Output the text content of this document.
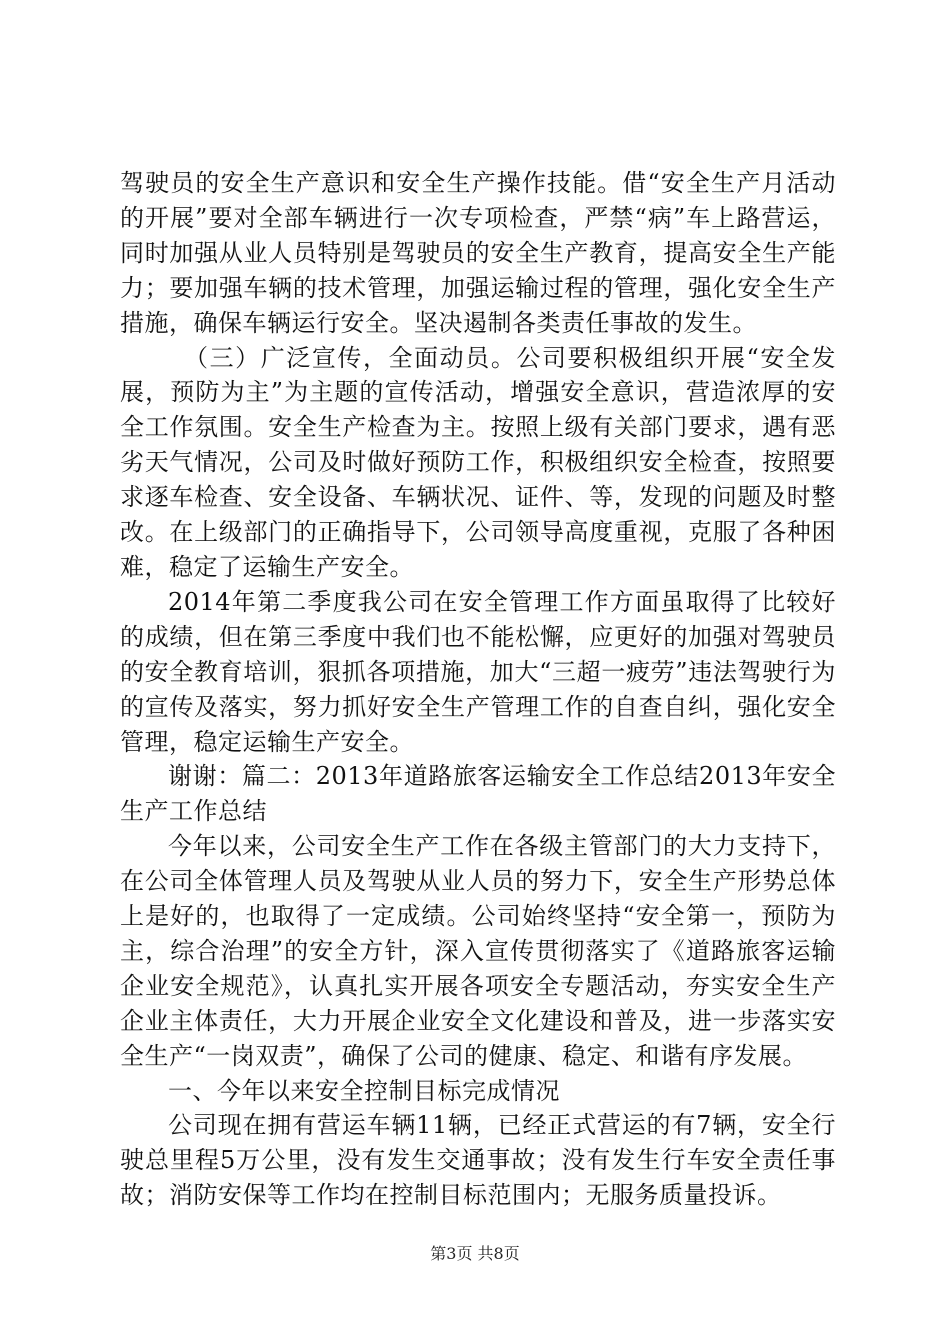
驾驶员的安全生产意识和安全生产操作技能。借“安全生产月活动的开展”要对全部车辆进行一次专项检查，严禁“病”车上路营运，同时加强从业人员特别是驾驶员的安全生产教育，提高安全生产能力；要加强车辆的技术管理，加强运输过程的管理，强化安全生产措施，确保车辆运行安全。坚决遏制各类责任事故的发生。

（三）广泛宣传，全面动员。公司要积极组织开展“安全发展，预防为主”为主题的宣传活动，增强安全意识，营造浓厚的安全工作氛围。安全生产检查为主。按照上级有关部门要求，遇有恶劣天气情况，公司及时做好预防工作，积极组织安全检查，按照要求逐车检查、安全设备、车辆状况、证件、等，发现的问题及时整改。在上级部门的正确指导下，公司领导高度重视，克服了各种困难，稳定了运输生产安全。

2014年第二季度我公司在安全管理工作方面虽取得了比较好的成绩，但在第三季度中我们也不能松懈，应更好的加强对驾驶员的安全教育培训，狠抓各项措施，加大“三超一疲劳”违法驾驶行为的宣传及落实，努力抓好安全生产管理工作的自查自纠，强化安全管理，稳定运输生产安全。

谢谢：篇二：2013年道路旅客运输安全工作总结2013年安全生产工作总结

今年以来，公司安全生产工作在各级主管部门的大力支持下，在公司全体管理人员及驾驶从业人员的努力下，安全生产形势总体上是好的，也取得了一定成绩。公司始终坚持“安全第一，预防为主，综合治理”的安全方针，深入宣传贯彻落实了《道路旅客运输企业安全规范》，认真扎实开展各项安全专题活动，夯实安全生产企业主体责任，大力开展企业安全文化建设和普及，进一步落实安全生产“一岗双责”，确保了公司的健康、稳定、和谐有序发展。

一、今年以来安全控制目标完成情况

公司现在拥有营运车辆11辆，已经正式营运的有7辆，安全行驶总里程5万公里，没有发生交通事故；没有发生行车安全责任事故；消防安保等工作均在控制目标范围内；无服务质量投诉。

第3页 共8页
